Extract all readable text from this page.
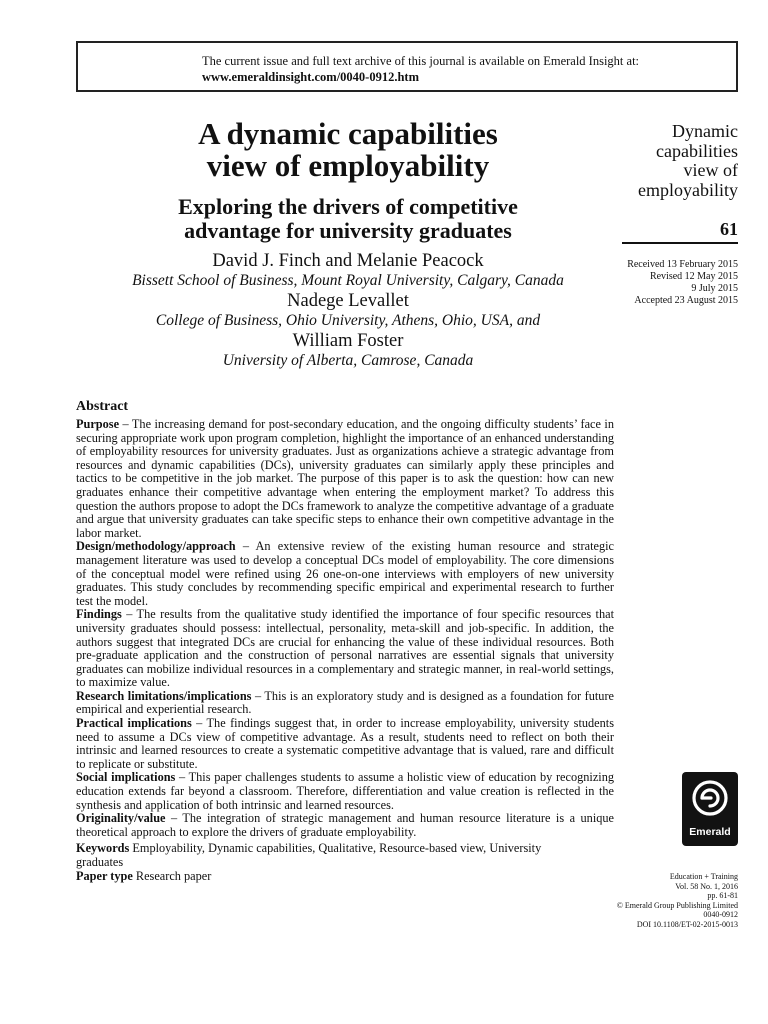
The current issue and full text archive of this journal is available on Emerald Insight at:
www.emeraldinsight.com/0040-0912.htm
A dynamic capabilities
view of employability
Exploring the drivers of competitive
advantage for university graduates
David J. Finch and Melanie Peacock
Bissett School of Business, Mount Royal University, Calgary, Canada
Nadege Levallet
College of Business, Ohio University, Athens, Ohio, USA, and
William Foster
University of Alberta, Camrose, Canada
Dynamic
capabilities
view of
employability
61
Received 13 February 2015
Revised 12 May 2015
9 July 2015
Accepted 23 August 2015
Abstract

Purpose – The increasing demand for post-secondary education, and the ongoing difficulty students’ face in securing appropriate work upon program completion, highlight the importance of an enhanced understanding of employability resources for university graduates. Just as organizations achieve a strategic advantage from resources and dynamic capabilities (DCs), university graduates can similarly apply these principles and tactics to be competitive in the job market. The purpose of this paper is to ask the question: how can new graduates enhance their competitive advantage when entering the employment market? To address this question the authors propose to adopt the DCs framework to analyze the competitive advantage of a graduate and argue that university graduates can take specific steps to enhance their own competitive advantage in the labor market.

Design/methodology/approach – An extensive review of the existing human resource and strategic management literature was used to develop a conceptual DCs model of employability. The core dimensions of the conceptual model were refined using 26 one-on-one interviews with employers of new university graduates. This study concludes by recommending specific empirical and experimental research to further test the model.

Findings – The results from the qualitative study identified the importance of four specific resources that university graduates should possess: intellectual, personality, meta-skill and job-specific. In addition, the authors suggest that integrated DCs are crucial for enhancing the value of these individual resources. Both pre-graduate application and the construction of personal narratives are essential signals that university graduates can mobilize individual resources in a complementary and strategic manner, in real-world settings, to maximize value.

Research limitations/implications – This is an exploratory study and is designed as a foundation for future empirical and experiential research.

Practical implications – The findings suggest that, in order to increase employability, university students need to assume a DCs view of competitive advantage. As a result, students need to reflect on both their intrinsic and learned resources to create a systematic competitive advantage that is valued, rare and difficult to replicate or substitute.

Social implications – This paper challenges students to assume a holistic view of education by recognizing education extends far beyond a classroom. Therefore, differentiation and value creation is reflected in the synthesis and application of both intrinsic and learned resources.

Originality/value – The integration of strategic management and human resource literature is a unique theoretical approach to explore the drivers of graduate employability.

Keywords Employability, Dynamic capabilities, Qualitative, Resource-based view, University graduates

Paper type Research paper

Emerald
Education + Training
Vol. 58 No. 1, 2016
pp. 61-81
© Emerald Group Publishing Limited
0040-0912
DOI 10.1108/ET-02-2015-0013
